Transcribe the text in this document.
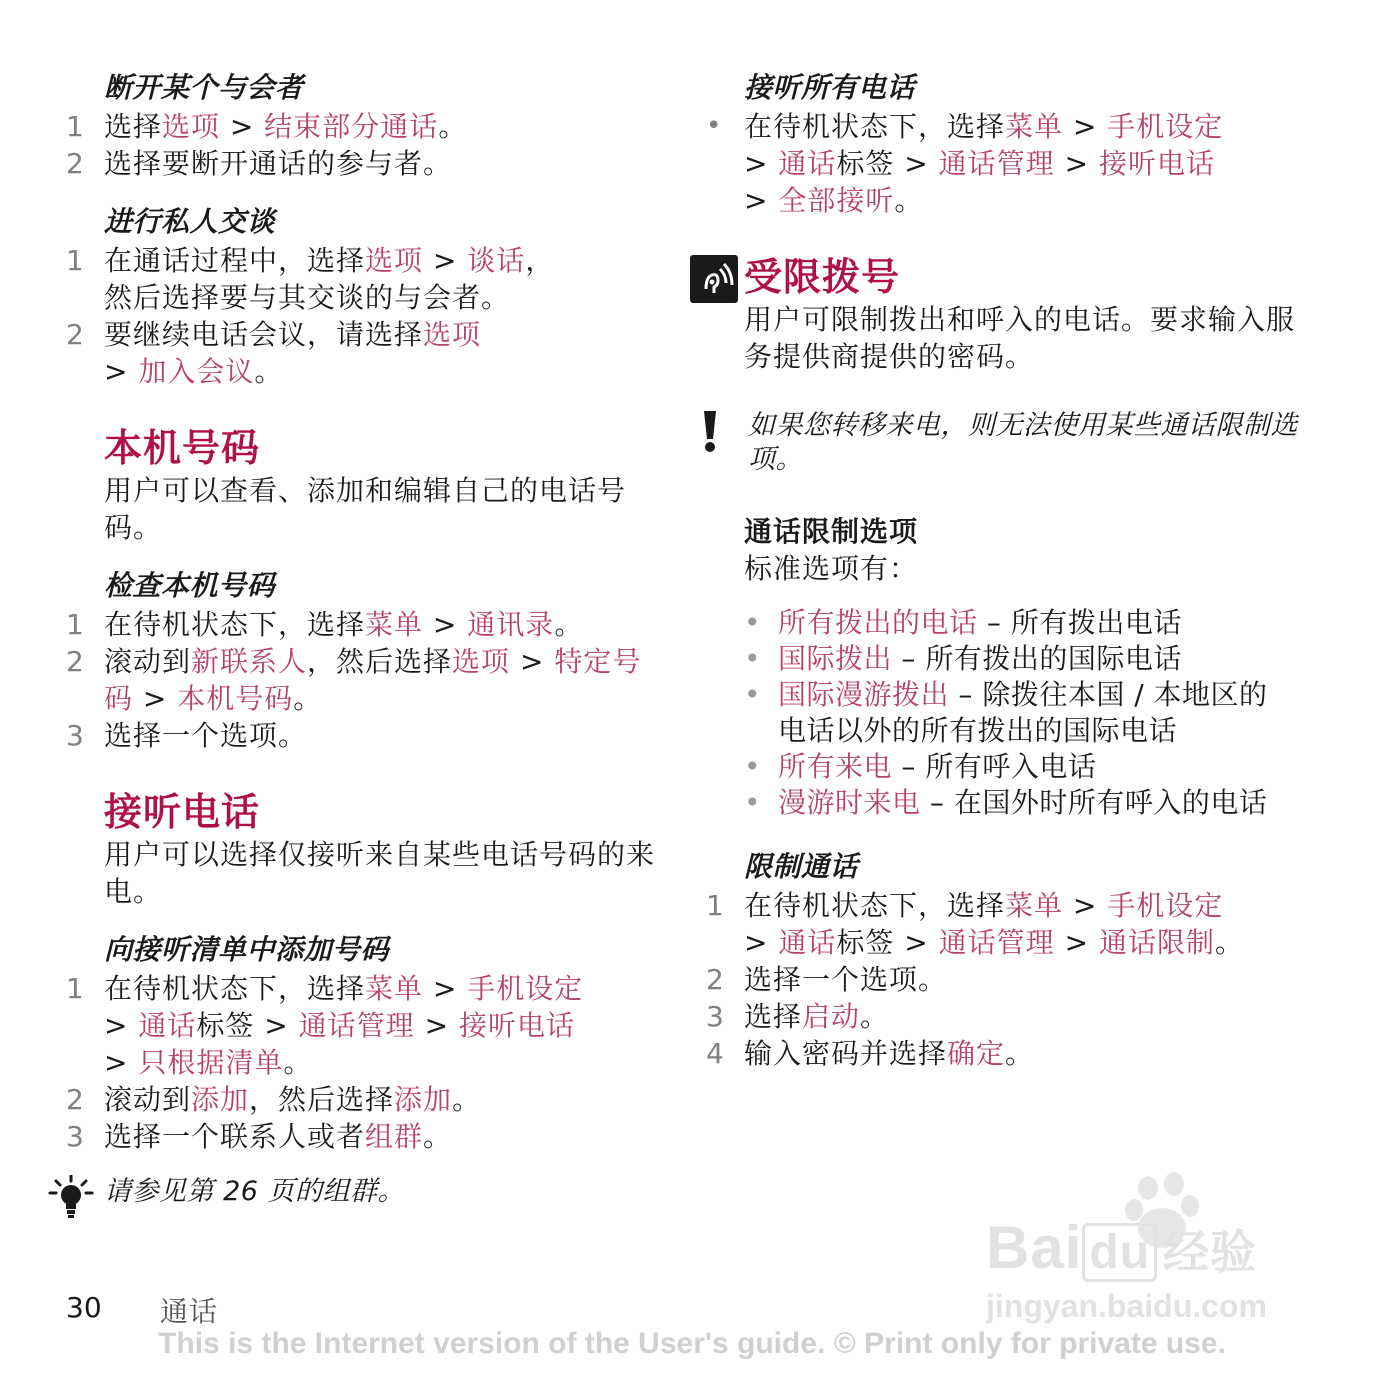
断开某个与会者
1 选择选项 > 结束部分通话。
2 选择要断开通话的参与者。
进行私人交谈
1 在通话过程中，选择选项 > 谈话，
然后选择要与其交谈的与会者。
2 要继续电话会议，请选择选项
> 加入会议。
本机号码
用户可以查看、添加和编辑自己的电话号码。
检查本机号码
1 在待机状态下，选择菜单 > 通讯录。
2 滚动到新联系人，然后选择选项 > 特定号码 > 本机号码。
3 选择一个选项。
接听电话
用户可以选择仅接听来自某些电话号码的来电。
向接听清单中添加号码
1 在待机状态下，选择菜单 > 手机设定
> 通话标签 > 通话管理 > 接听电话
> 只根据清单。
2 滚动到添加，然后选择添加。
3 选择一个联系人或者组群。
请参见第 26 页的组群。
接听所有电话
• 在待机状态下，选择菜单 > 手机设定
> 通话标签 > 通话管理 > 接听电话
> 全部接听。
受限拨号
用户可限制拨出和呼入的电话。要求输入服务提供商提供的密码。
如果您转移来电，则无法使用某些通话限制选项。
通话限制选项
标准选项有：
• 所有拨出的电话 – 所有拨出电话
• 国际拨出 – 所有拨出的国际电话
• 国际漫游拨出 – 除拨往本国 / 本地区的电话以外的所有拨出的国际电话
• 所有来电 – 所有呼入电话
• 漫游时来电 – 在国外时所有呼入的电话
限制通话
1 在待机状态下，选择菜单 > 手机设定
> 通话标签 > 通话管理 > 通话限制。
2 选择一个选项。
3 选择启动。
4 输入密码并选择确定。
Bai du 经验
jingyan.baidu.com
30 通话
This is the Internet version of the User's guide. © Print only for private use.
